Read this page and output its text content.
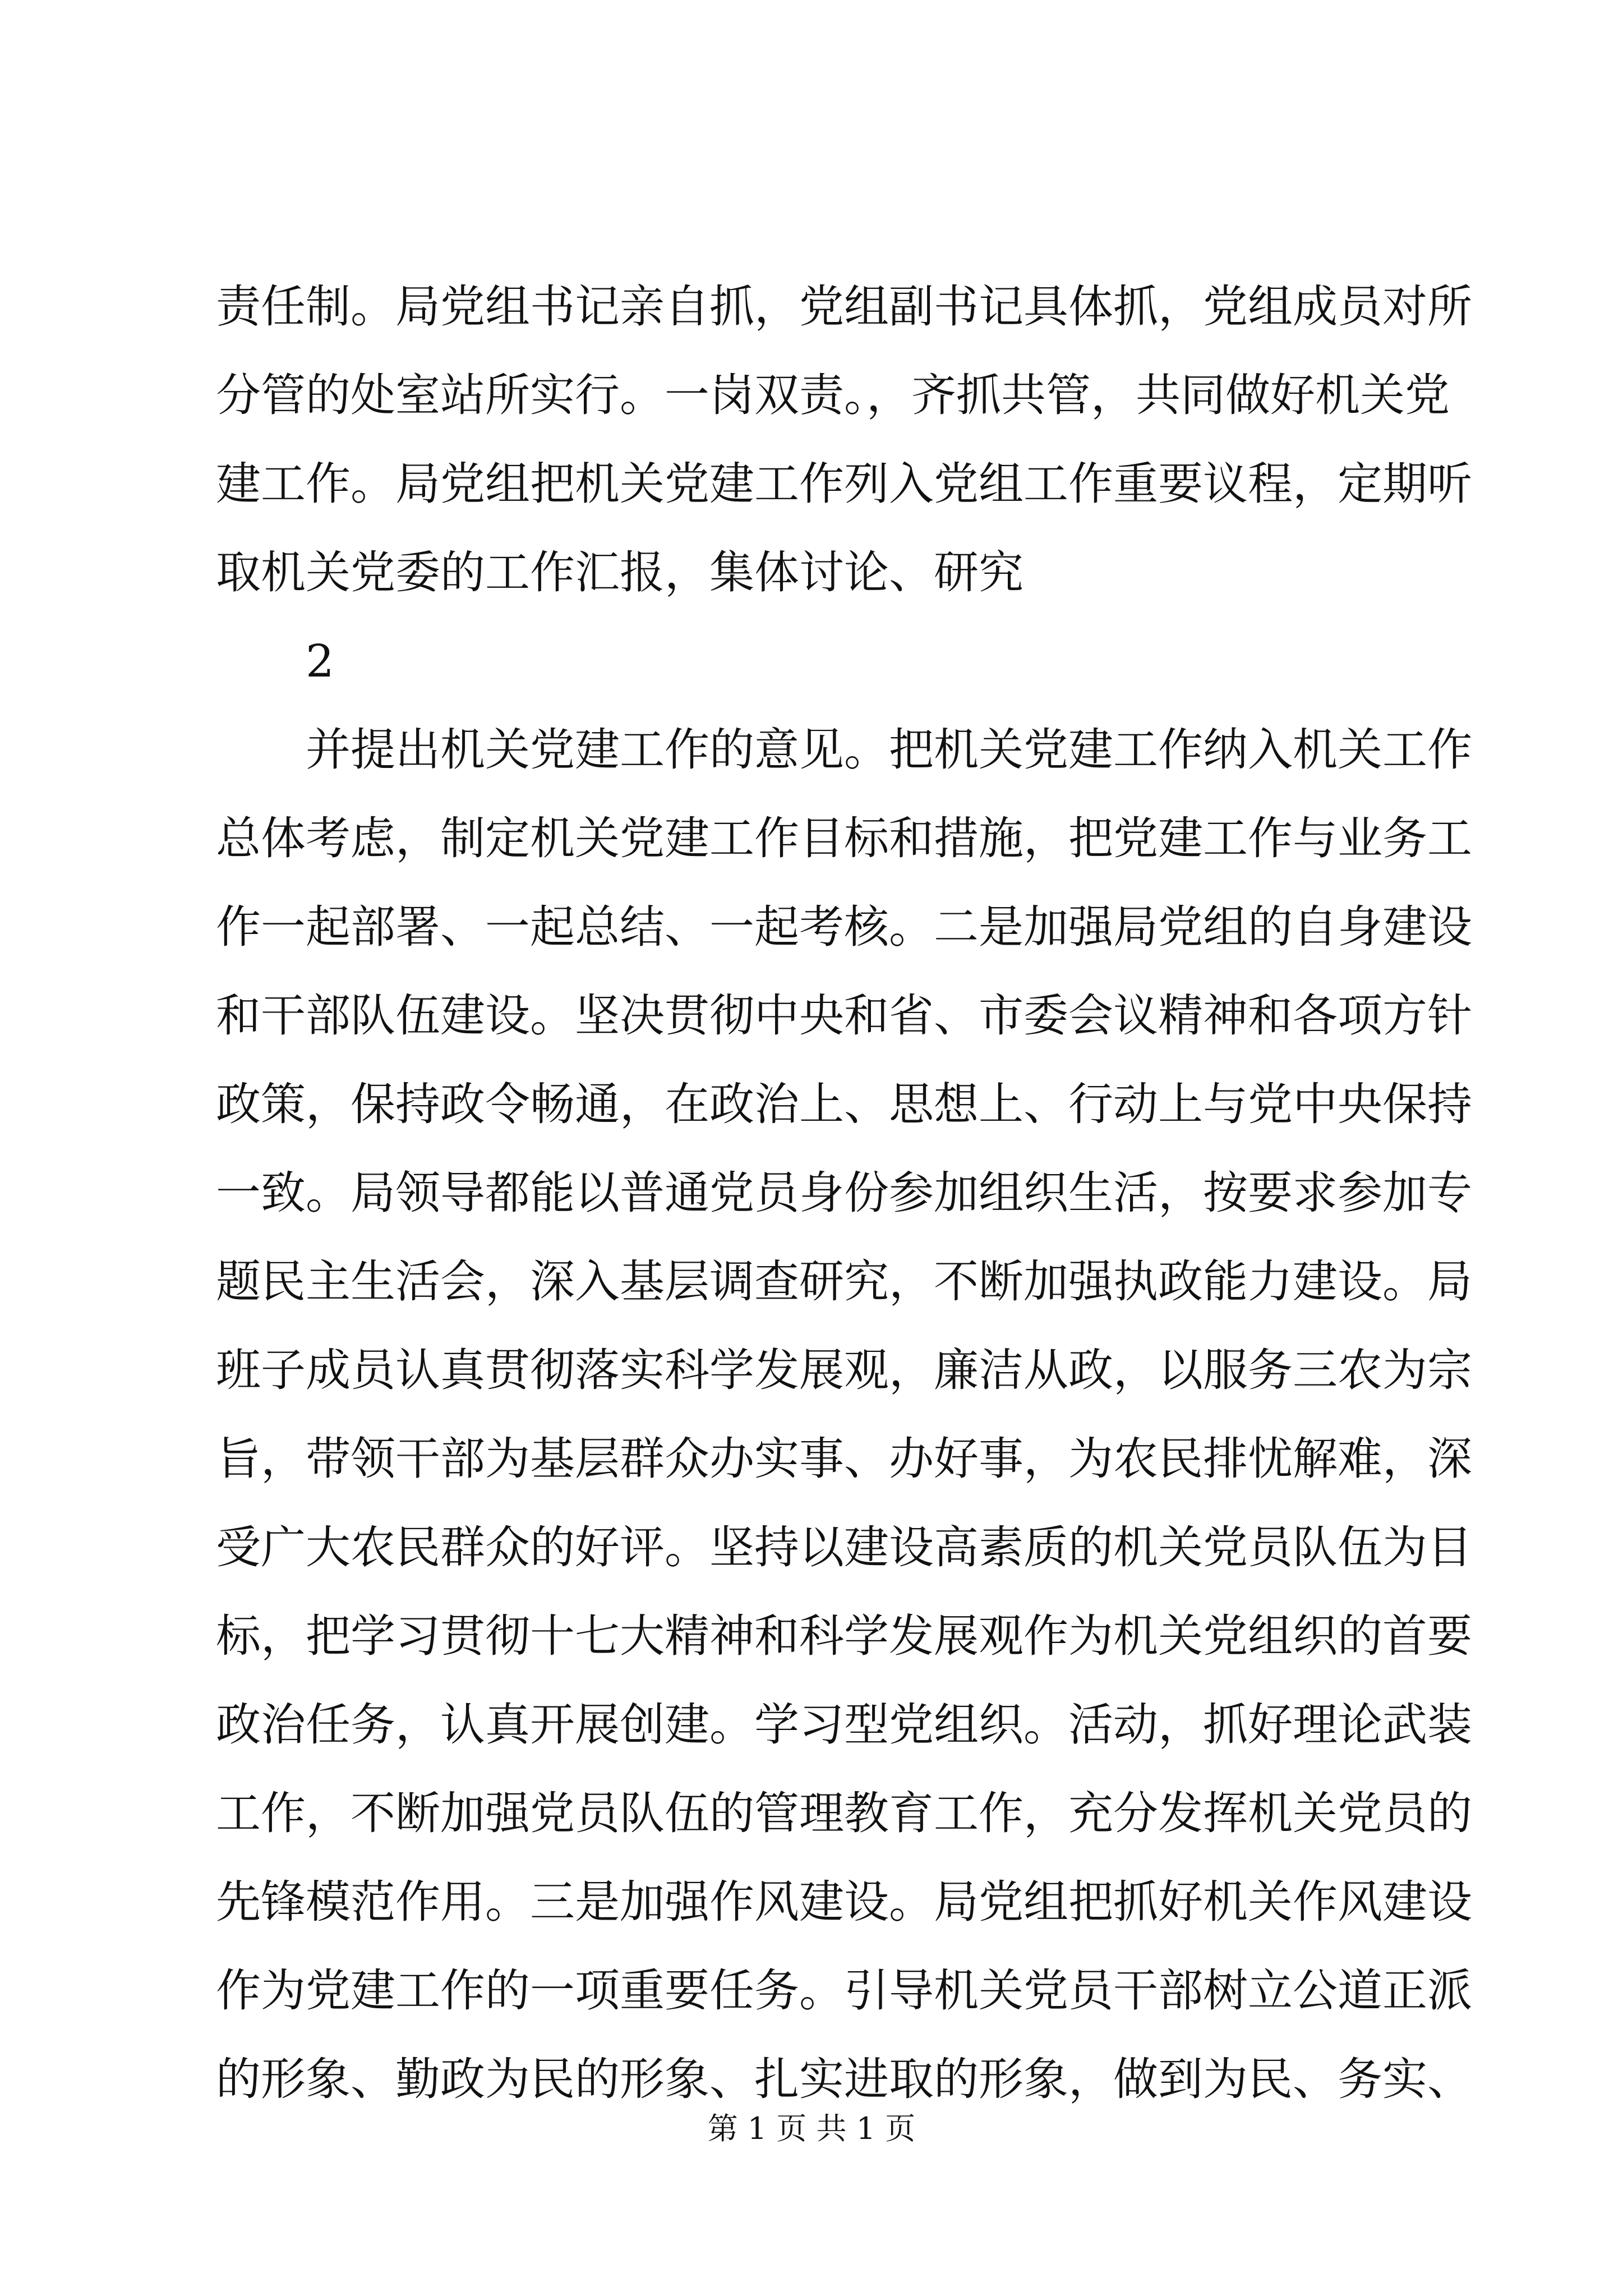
责任制。局党组书记亲自抓，党组副书记具体抓，党组成员对所
分管的处室站所实行。一岗双责。，齐抓共管，共同做好机关党
建工作。局党组把机关党建工作列入党组工作重要议程，定期听
取机关党委的工作汇报，集体讨论、研究
2
并提出机关党建工作的意见。把机关党建工作纳入机关工作
总体考虑，制定机关党建工作目标和措施，把党建工作与业务工
作一起部署、一起总结、一起考核。二是加强局党组的自身建设
和干部队伍建设。坚决贯彻中央和省、市委会议精神和各项方针
政策，保持政令畅通，在政治上、思想上、行动上与党中央保持
一致。局领导都能以普通党员身份参加组织生活，按要求参加专
题民主生活会，深入基层调查研究，不断加强执政能力建设。局
班子成员认真贯彻落实科学发展观，廉洁从政，以服务三农为宗
旨，带领干部为基层群众办实事、办好事，为农民排忧解难，深
受广大农民群众的好评。坚持以建设高素质的机关党员队伍为目
标，把学习贯彻十七大精神和科学发展观作为机关党组织的首要
政治任务，认真开展创建。学习型党组织。活动，抓好理论武装
工作，不断加强党员队伍的管理教育工作，充分发挥机关党员的
先锋模范作用。三是加强作风建设。局党组把抓好机关作风建设
作为党建工作的一项重要任务。引导机关党员干部树立公道正派
的形象、勤政为民的形象、扎实进取的形象，做到为民、务实、
第 1 页 共 1 页
